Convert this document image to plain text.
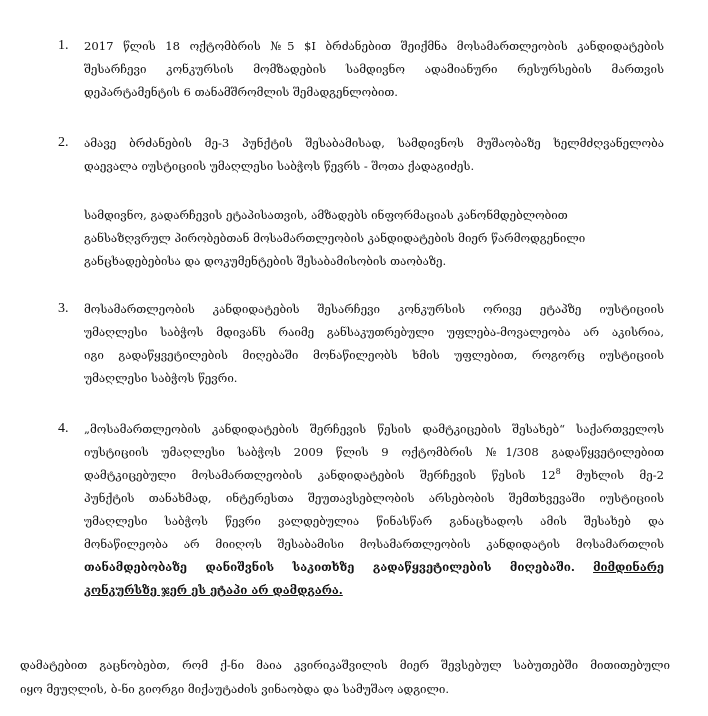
1. 2017 წლის 18 ოქტომბრის №5 $I ბრძანებით შეიქმნა მოსამართლეობის კანდიდატების
შესარჩევი კონკურსის მომზადების სამდივნო ადამიანური რესურსების მართვის
დეპარტამენტის 6 თანამშრომლის შემადგენლობით.
2. ამავე ბრძანების მე-3 პუნქტის შესაბამისად, სამდივნოს მუშაობაზე ხელმძღვანელობა
დაევალა იუსტიციის უმაღლესი საბჭოს წევრს - შოთა ქადაგიძეს.
სამდივნო, გადარჩევის ეტაპისათვის, ამზადებს ინფორმაციას კანონმდებლობით
განსაზღვრულ პირობებთან მოსამართლეობის კანდიდატების მიერ წარმოდგენილი
განცხადებებისა და დოკუმენტების შესაბამისობის თაობაზე.
3. მოსამართლეობის კანდიდატების შესარჩევი კონკურსის ორივე ეტაპზე იუსტიციის
უმაღლესი საბჭოს მდივანს რაიმე განსაკუთრებული უფლება-მოვალეობა არ აკისრია,
იგი გადაწყვეტილების მიღებაში მონაწილეობს ხმის უფლებით, როგორც იუსტიციის
უმაღლესი საბჭოს წევრი.
4. „მოსამართლეობის კანდიდატების შერჩევის წესის დამტკიცების შესახებ“ საქართველოს
იუსტიციის უმაღლესი საბჭოს 2009 წლის 9 ოქტომბრის №1/308 გადაწყვეტილებით
დამტკიცებული მოსამართლეობის კანდიდატების შერჩევის წესის $12^8$ მუხლის მე-2
პუნქტის თანახმად, ინტერესთა შეუთავსებლობის არსებობის შემთხვევაში იუსტიციის
უმაღლესი საბჭოს წევრი ვალდებულია წინასწარ განაცხადოს ამის შესახებ და
მონაწილეობა არ მიიღოს შესაბამისი მოსამართლეობის კანდიდატის მოსამართლის
თანამდებობაზე დანიშვნის საკითხზე გადაწყვეტილების მიღებაში. მიმდინარე
კონკურსზე ჯერ ეს ეტაპი არ დამდგარა.
დამატებით გაცნობებთ, რომ ქ-ნი მაია კვირიკაშვილის მიერ შევსებულ საბუთებში მითითებული
იყო მეუღლის, ბ-ნი გიორგი მიქაუტაძის ვინაობდა და სამუშაო ადგილი.
